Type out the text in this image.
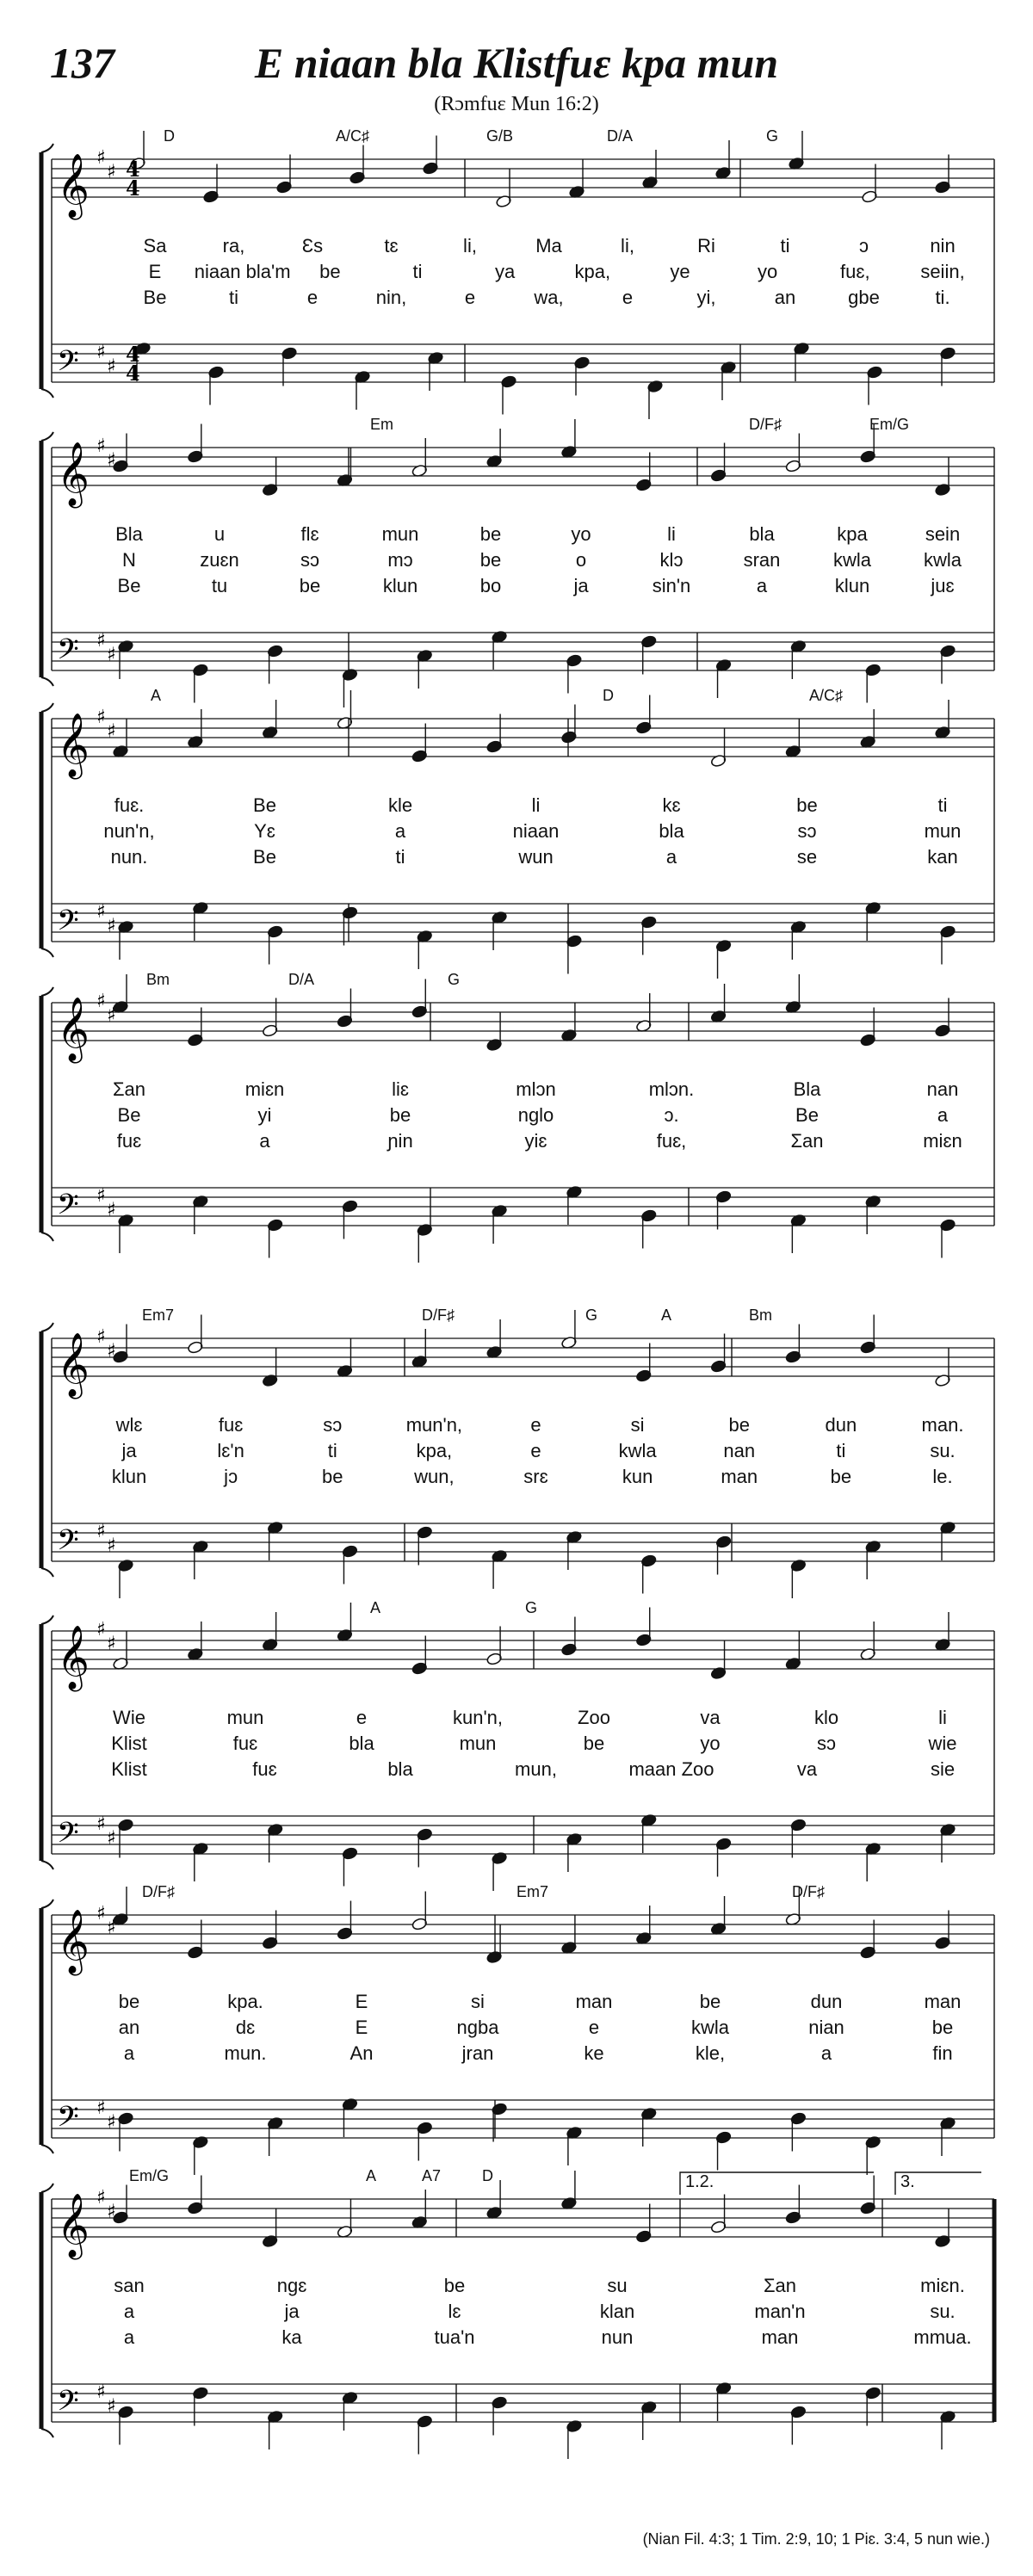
137	E niaan bla Klistfuɛ kpa mun
(Rɔmfuɛ Mun 16:2)
𝄞
𝄢
♯
♯
♯
♯
4
4
4
4
D	A/C♯	G/B	D/A	G
Sa	ra,	Ɛs	tɛ	li,	Ma	li,	Ri	ti	ɔ	nin
E niaan bla'm be	ti	ya	kpa,	ye	yo	fuɛ,	seiin,
Be	ti	e	nin,	e	wa,	e	yi,	an	gbe	ti.
𝄞
𝄢
♯
♯
♯
♯
Em	D/F♯	Em/G
Bla	u	flɛ	mun	be	yo	li	bla	kpa	sein
N	zuɛn	sɔ	mɔ	be	o	klɔ	sran	kwla	kwla
Be	tu	be	klun	bo	ja	sin'n	a	klun	juɛ
𝄞
𝄢
♯
♯
♯
♯
A	D	A/C♯
fuɛ.	Be	kle	li	kɛ	be	ti
nun'n,	Yɛ	a	niaan	bla	sɔ	mun
nun.	Be	ti	wun	a	se	kan
𝄞
𝄢
♯
♯
♯
♯
Bm	D/A	G
Ʃan	miɛn	liɛ	mlɔn	mlɔn.	Bla	nan
Be	yi	be	nglo	ɔ.	Be	a
fuɛ	a	ɲin	yiɛ	fuɛ,	Ʃan	miɛn
𝄞
𝄢
♯
♯
♯
♯
Em7	D/F♯	G	A	Bm
wlɛ	fuɛ	sɔ	mun'n,	e	si	be	dun	man.
ja	lɛ'n	ti	kpa,	e	kwla	nan	ti	su.
klun	jɔ	be	wun,	srɛ	kun	man	be	le.
𝄞
𝄢
♯
♯
♯
♯
A	G
Wie	mun	e	kun'n,	Zoo	va	klo	li
Klist	fuɛ	bla	mun	be	yo	sɔ	wie
Klist	fuɛ	bla	mun,	maan Zoo	va	sie
𝄞
𝄢
♯
♯
♯
♯
D/F♯	Em7	D/F♯
be	kpa.	E	si	man	be	dun	man
an	dɛ	E	ngba	e	kwla	nian	be
a	mun.	An	jran	ke	kle,	a	fin
𝄞
𝄢
♯
♯
♯
♯
Em/G	A	A7	D	1.2.	3.
san	ngɛ	be	su	Ʃan	miɛn.
a	ja	lɛ	klan	man'n	su.
a	ka	tua'n	nun	man	mmua.
(Nian Fil. 4:3; 1 Tim. 2:9, 10; 1 Piɛ. 3:4, 5 nun wie.)
